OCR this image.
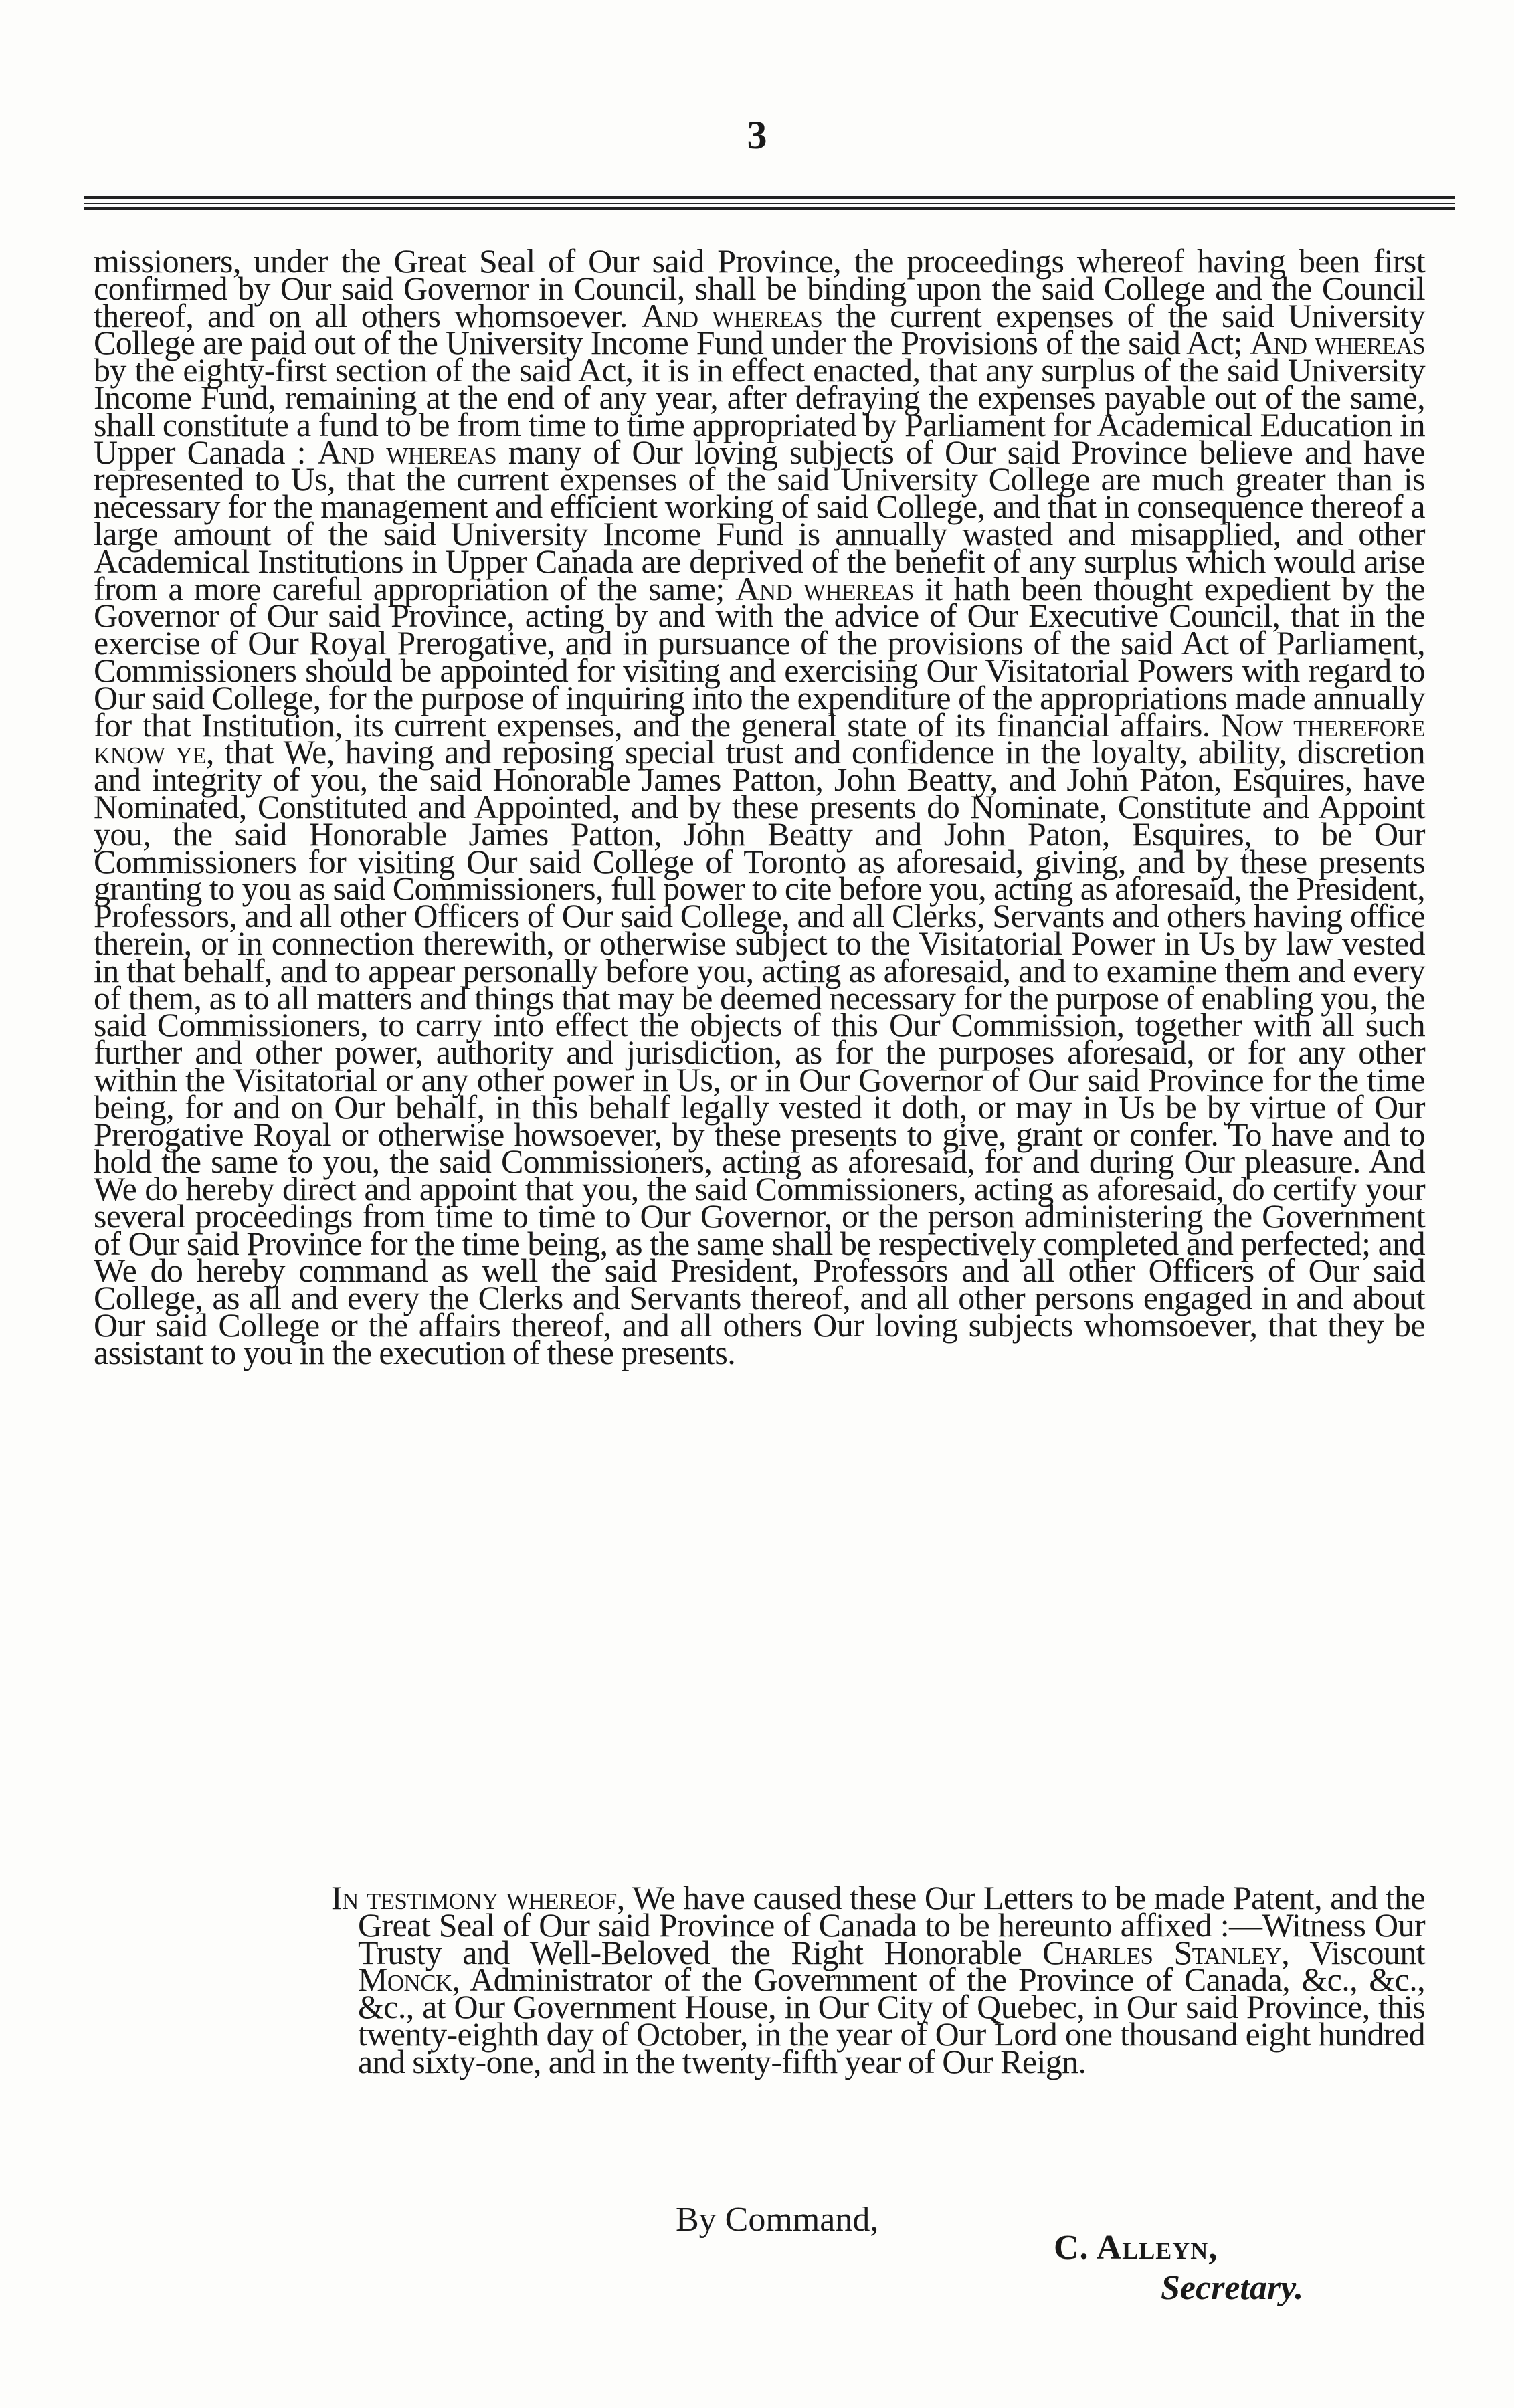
3

missioners, under the Great Seal of Our said Province, the proceedings whereof having been first confirmed by Our said Governor in Council, shall be binding upon the said College and the Council thereof, and on all others whomsoever. And whereas the current expenses of the said University College are paid out of the University Income Fund under the Provisions of the said Act; And whereas by the eighty-first section of the said Act, it is in effect enacted, that any surplus of the said University Income Fund, remaining at the end of any year, after defraying the expenses payable out of the same, shall constitute a fund to be from time to time appropriated by Parliament for Academical Education in Upper Canada : And whereas many of Our loving subjects of Our said Province believe and have represented to Us, that the current expenses of the said University College are much greater than is necessary for the management and efficient working of said College, and that in consequence thereof a large amount of the said University Income Fund is annually wasted and misapplied, and other Academical Institutions in Upper Canada are deprived of the benefit of any surplus which would arise from a more careful appropriation of the same; And whereas it hath been thought expedient by the Governor of Our said Province, acting by and with the advice of Our Executive Council, that in the exercise of Our Royal Prerogative, and in pursuance of the provisions of the said Act of Parliament, Commissioners should be appointed for visiting and exercising Our Visitatorial Powers with regard to Our said College, for the purpose of inquiring into the expenditure of the appropriations made annually for that Institution, its current expenses, and the general state of its financial affairs. Now therefore know ye, that We, having and reposing special trust and confidence in the loyalty, ability, discretion and integrity of you, the said Honorable James Patton, John Beatty, and John Paton, Esquires, have Nominated, Constituted and Appointed, and by these presents do Nominate, Constitute and Appoint you, the said Honorable James Patton, John Beatty and John Paton, Esquires, to be Our Commissioners for visiting Our said College of Toronto as aforesaid, giving, and by these presents granting to you as said Commissioners, full power to cite before you, acting as aforesaid, the President, Professors, and all other Officers of Our said College, and all Clerks, Servants and others having office therein, or in connection therewith, or otherwise subject to the Visitatorial Power in Us by law vested in that behalf, and to appear personally before you, acting as aforesaid, and to examine them and every of them, as to all matters and things that may be deemed necessary for the purpose of enabling you, the said Commissioners, to carry into effect the objects of this Our Commission, together with all such further and other power, authority and jurisdiction, as for the purposes aforesaid, or for any other within the Visitatorial or any other power in Us, or in Our Governor of Our said Province for the time being, for and on Our behalf, in this behalf legally vested it doth, or may in Us be by virtue of Our Prerogative Royal or otherwise howsoever, by these presents to give, grant or confer. To have and to hold the same to you, the said Commissioners, acting as aforesaid, for and during Our pleasure. And We do hereby direct and appoint that you, the said Commissioners, acting as aforesaid, do certify your several proceedings from time to time to Our Governor, or the person administering the Government of Our said Province for the time being, as the same shall be respectively completed and perfected; and We do hereby command as well the said President, Professors and all other Officers of Our said College, as all and every the Clerks and Servants thereof, and all other persons engaged in and about Our said College or the affairs thereof, and all others Our loving subjects whomsoever, that they be assistant to you in the execution of these presents.

In testimony whereof, We have caused these Our Letters to be made Patent, and the Great Seal of Our said Province of Canada to be hereunto affixed :—Witness Our Trusty and Well-Beloved the Right Honorable Charles Stanley, Viscount Monck, Administrator of the Government of the Province of Canada, &c., &c., &c., at Our Government House, in Our City of Quebec, in Our said Province, this twenty-eighth day of October, in the year of Our Lord one thousand eight hundred and sixty-one, and in the twenty-fifth year of Our Reign.
By Command,
C. Alleyn,
Secretary.
